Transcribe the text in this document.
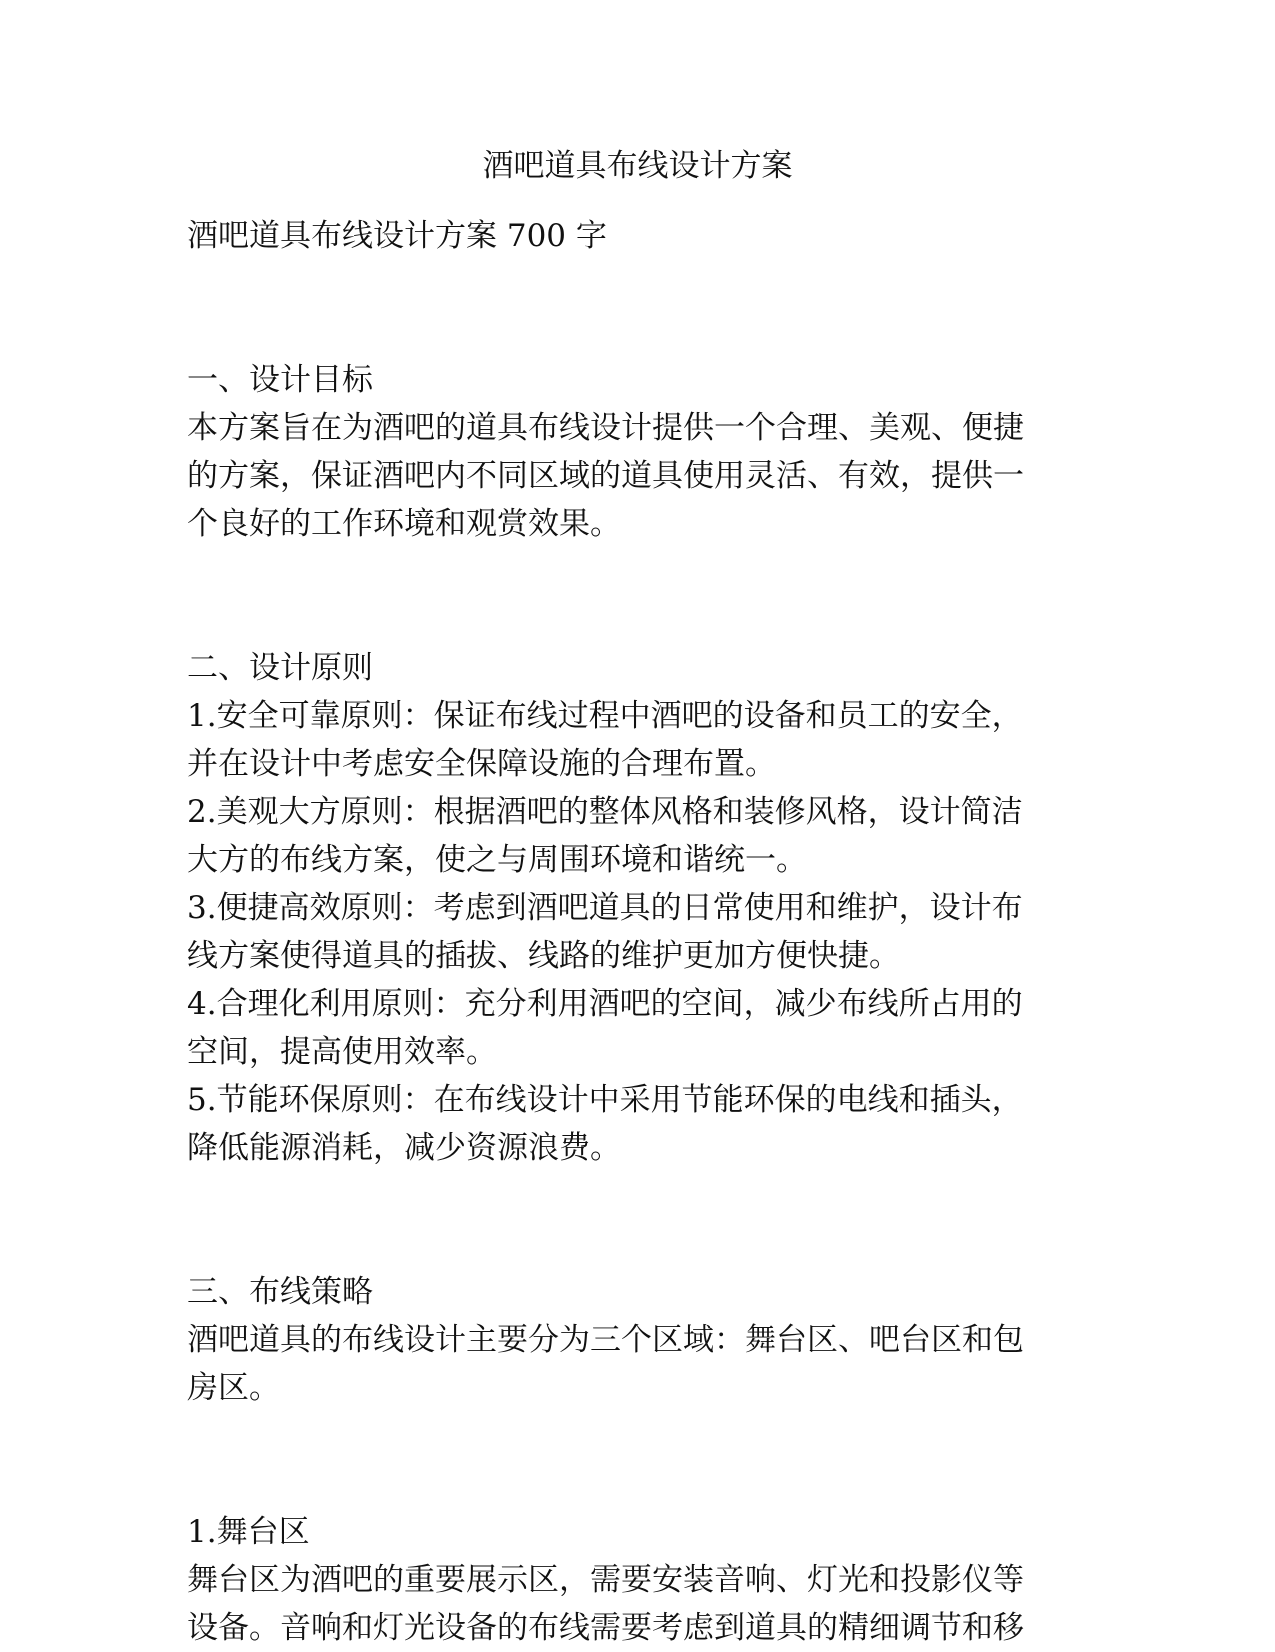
酒吧道具布线设计方案
酒吧道具布线设计方案 700 字
一、设计目标
本方案旨在为酒吧的道具布线设计提供一个合理、美观、便捷
的方案，保证酒吧内不同区域的道具使用灵活、有效，提供一
个良好的工作环境和观赏效果。
二、设计原则
1.安全可靠原则：保证布线过程中酒吧的设备和员工的安全，
并在设计中考虑安全保障设施的合理布置。
2.美观大方原则：根据酒吧的整体风格和装修风格，设计简洁
大方的布线方案，使之与周围环境和谐统一。
3.便捷高效原则：考虑到酒吧道具的日常使用和维护，设计布
线方案使得道具的插拔、线路的维护更加方便快捷。
4.合理化利用原则：充分利用酒吧的空间，减少布线所占用的
空间，提高使用效率。
5.节能环保原则：在布线设计中采用节能环保的电线和插头，
降低能源消耗，减少资源浪费。
三、布线策略
酒吧道具的布线设计主要分为三个区域：舞台区、吧台区和包
房区。
1.舞台区
舞台区为酒吧的重要展示区，需要安装音响、灯光和投影仪等
设备。音响和灯光设备的布线需要考虑到道具的精细调节和移
